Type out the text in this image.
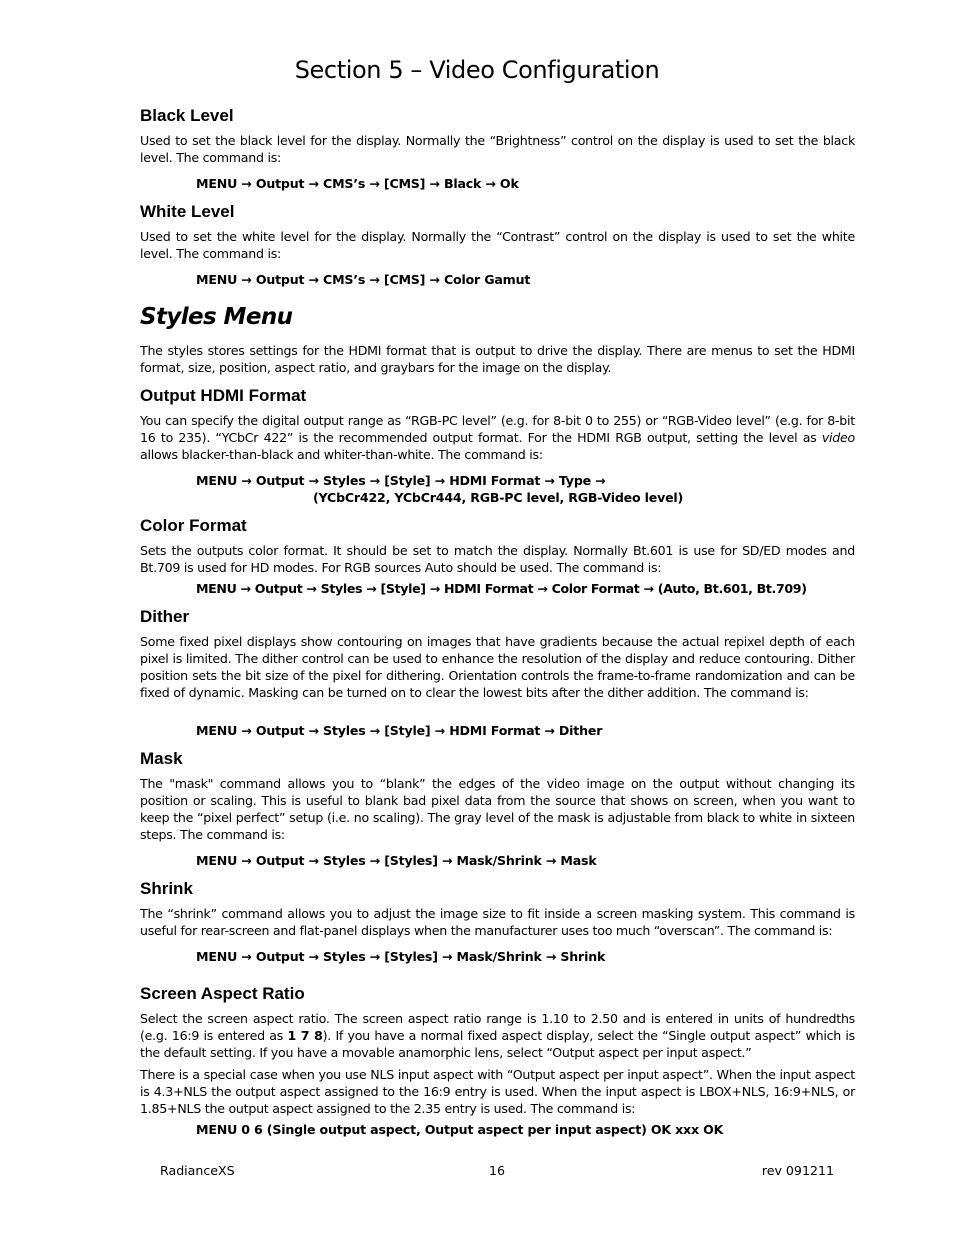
Section 5 – Video Configuration
Black Level
Used to set the black level for the display. Normally the “Brightness” control on the display is used to set the black level. The command is:
MENU → Output → CMS’s → [CMS] → Black → Ok
White Level
Used to set the white level for the display. Normally the “Contrast” control on the display is used to set the white level. The command is:
MENU → Output → CMS’s → [CMS] → Color Gamut
Styles Menu
The styles stores settings for the HDMI format that is output to drive the display. There are menus to set the HDMI format, size, position, aspect ratio, and graybars for the image on the display.
Output HDMI Format
You can specify the digital output range as “RGB-PC level” (e.g. for 8-bit 0 to 255) or “RGB-Video level” (e.g. for 8-bit 16 to 235). “YCbCr 422” is the recommended output format. For the HDMI RGB output, setting the level as video allows blacker-than-black and whiter-than-white. The command is:
MENU → Output → Styles → [Style] → HDMI Format → Type →
(YCbCr422, YCbCr444, RGB-PC level, RGB-Video level)
Color Format
Sets the outputs color format. It should be set to match the display. Normally Bt.601 is use for SD/ED modes and Bt.709 is used for HD modes. For RGB sources Auto should be used. The command is:
MENU → Output → Styles → [Style] → HDMI Format → Color Format → (Auto, Bt.601, Bt.709)
Dither
Some fixed pixel displays show contouring on images that have gradients because the actual repixel depth of each pixel is limited. The dither control can be used to enhance the resolution of the display and reduce contouring. Dither position sets the bit size of the pixel for dithering. Orientation controls the frame-to-frame randomization and can be fixed of dynamic. Masking can be turned on to clear the lowest bits after the dither addition. The command is:
MENU → Output → Styles → [Style] → HDMI Format → Dither
Mask
The "mask" command allows you to “blank” the edges of the video image on the output without changing its position or scaling. This is useful to blank bad pixel data from the source that shows on screen, when you want to keep the “pixel perfect” setup (i.e. no scaling). The gray level of the mask is adjustable from black to white in sixteen steps. The command is:
MENU → Output → Styles → [Styles] → Mask/Shrink → Mask
Shrink
The “shrink” command allows you to adjust the image size to fit inside a screen masking system. This command is useful for rear-screen and flat-panel displays when the manufacturer uses too much “overscan”. The command is:
MENU → Output → Styles → [Styles] → Mask/Shrink → Shrink
Screen Aspect Ratio
Select the screen aspect ratio. The screen aspect ratio range is 1.10 to 2.50 and is entered in units of hundredths (e.g. 16:9 is entered as 1 7 8). If you have a normal fixed aspect display, select the “Single output aspect” which is the default setting. If you have a movable anamorphic lens, select “Output aspect per input aspect.”
There is a special case when you use NLS input aspect with “Output aspect per input aspect”. When the input aspect is 4.3+NLS the output aspect assigned to the 16:9 entry is used. When the input aspect is LBOX+NLS, 16:9+NLS, or 1.85+NLS the output aspect assigned to the 2.35 entry is used. The command is:
MENU 0 6 (Single output aspect, Output aspect per input aspect) OK xxx OK
RadianceXS	16	rev 091211
